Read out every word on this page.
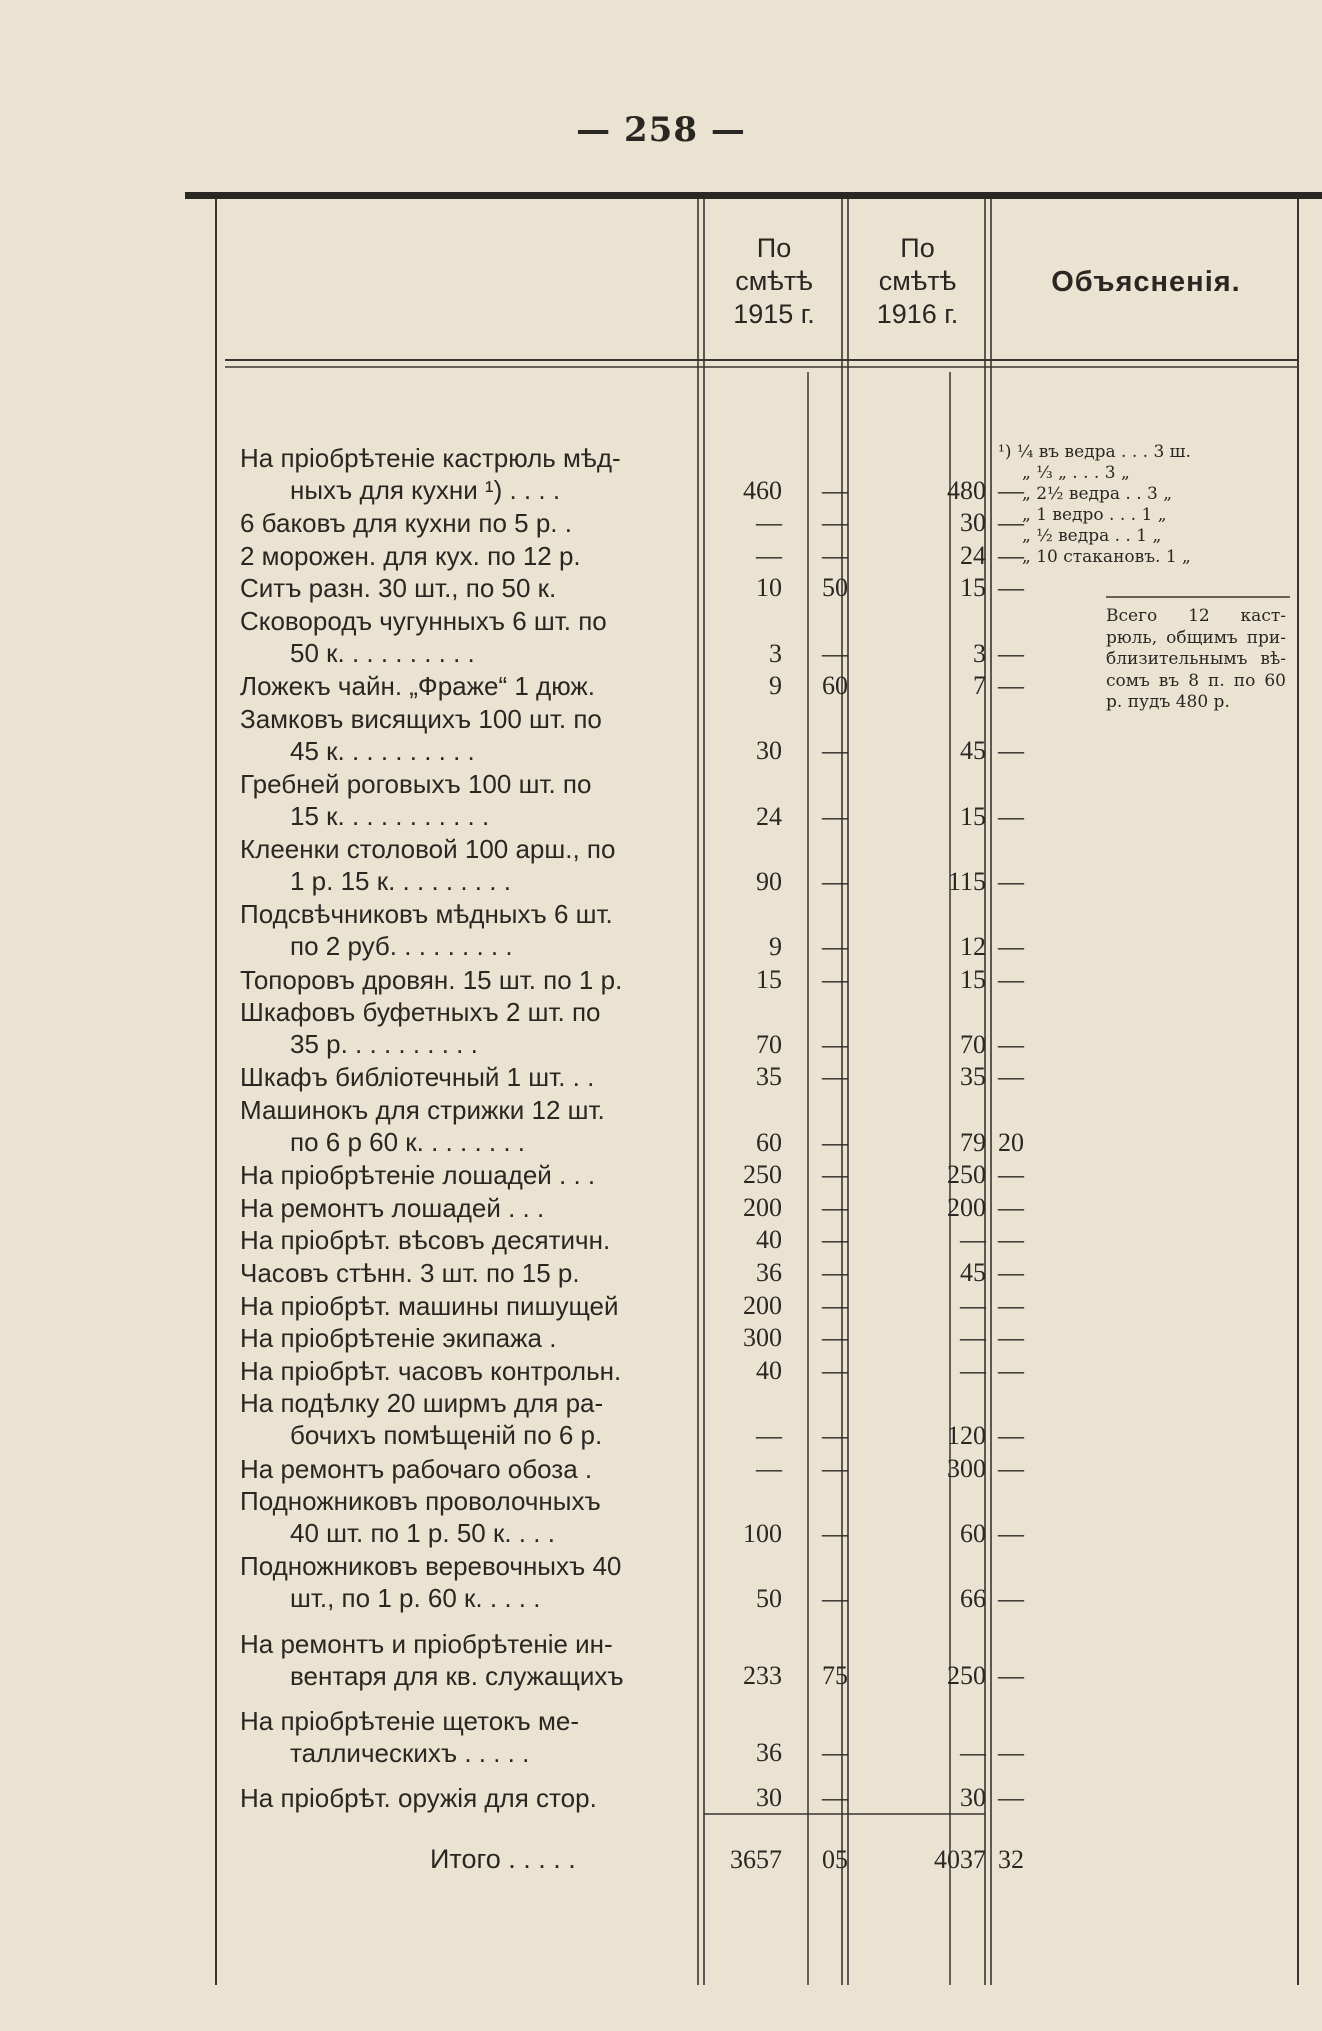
— 258 —
По
смѣтѣ
1915 г.
По
смѣтѣ
1916 г.
Объясненія.
На пріобрѣтеніе кастрюль мѣд-
ныхъ для кухни ¹) . . . .	460	—	480 —
6 баковъ для кухни по 5 р. .	—	—	30 —
2 морожен. для кух. по 12 р.	—	—	24 —
Ситъ разн. 30 шт., по 50 к.	10	50	15 —
Сковородъ чугунныхъ 6 шт. по
50 к. . . . . . . . . .	3	—	3 —
Ложекъ чайн. „Фраже“ 1 дюж.	9	60	7 —
Замковъ висящихъ 100 шт. по
45 к. . . . . . . . . .	30	—	45 —
Гребней роговыхъ 100 шт. по
15 к. . . . . . . . . . .	24	—	15 —
Клеенки столовой 100 арш., по
1 р. 15 к. . . . . . . . .	90	—	115 —
Подсвѣчниковъ мѣдныхъ 6 шт.
по 2 руб. . . . . . . . .	9	—	12 —
Топоровъ дровян. 15 шт. по 1 р.	15	—	15 —
Шкафовъ буфетныхъ 2 шт. по
35 р. . . . . . . . . .	70	—	70 —
Шкафъ библіотечный 1 шт. . .	35	—	35 —
Машинокъ для стрижки 12 шт.
по 6 р 60 к. . . . . . . .	60	—	79 20
На пріобрѣтеніе лошадей . . .	250	—	250 —
На ремонтъ лошадей . . .	200	—	200 —
На пріобрѣт. вѣсовъ десятичн.	40	—	— —
Часовъ стѣнн. 3 шт. по 15 р.	36	—	45 —
На пріобрѣт. машины пишущей	200	—	— —
На пріобрѣтеніе экипажа .	300	—	— —
На пріобрѣт. часовъ контрольн.	40	—	— —
На подѣлку 20 ширмъ для ра-
бочихъ помѣщеній по 6 р.	—	—	120 —
На ремонтъ рабочаго обоза .	—	—	300 —
Подножниковъ проволочныхъ
40 шт. по 1 р. 50 к. . . .	100	—	60 —
Подножниковъ веревочныхъ 40
шт., по 1 р. 60 к. . . . .	50	—	66 —
На ремонтъ и пріобрѣтеніе ин-
вентаря для кв. служащихъ	233	75	250 —
На пріобрѣтеніе щетокъ ме-
таллическихъ . . . . .	36	—	— —
На пріобрѣт. оружія для стор.	30	—	30 —
Итого . . . . .	3657	05	4037 32
¹) ¼ въ ведра . . . 3 ш.
„ ⅓ „ . . . 3 „
„ 2½ ведра . . 3 „
„ 1 ведро . . . 1 „
„ ½ ведра . . 1 „
„ 10 стакановъ. 1 „
Всего 12 каст-рюль, общимъ при-близительнымъ вѣ-сомъ въ 8 п. по 60 р. пудъ 480 р.
